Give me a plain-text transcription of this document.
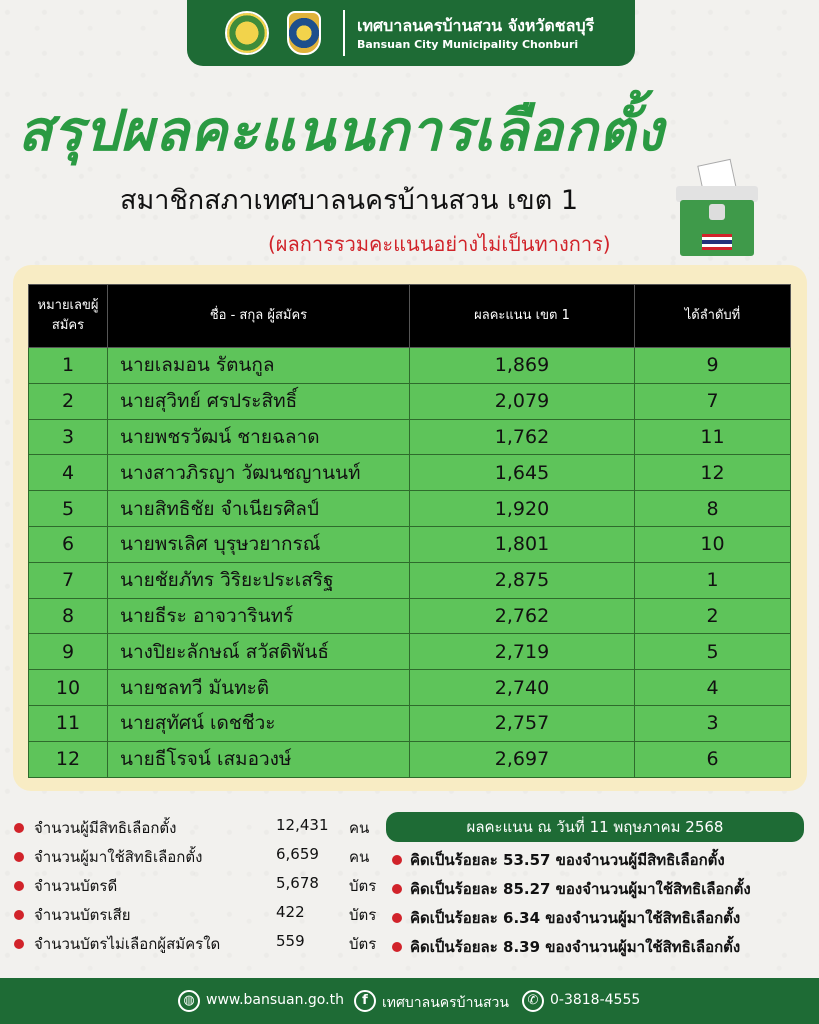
เทศบาลนครบ้านสวน จังหวัดชลบุรี
Bansuan City Municipality Chonburi
สรุปผลคะแนนการเลือกตั้ง
สมาชิกสภาเทศบาลนครบ้านสวน เขต 1
(ผลการรวมคะแนนอย่างไม่เป็นทางการ)
หมายเลขผู้สมัคร	ชื่อ - สกุล ผู้สมัคร	ผลคะแนน เขต 1	ได้ลำดับที่
1	นายเลมอน รัตนกูล	1,869	9
2	นายสุวิทย์ ศรประสิทธิ์	2,079	7
3	นายพชรวัฒน์ ชายฉลาด	1,762	11
4	นางสาวภิรญา วัฒนชญานนท์	1,645	12
5	นายสิทธิชัย จำเนียรศิลป์	1,920	8
6	นายพรเลิศ บุรุษวยากรณ์	1,801	10
7	นายชัยภัทร วิริยะประเสริฐ	2,875	1
8	นายธีระ อาจวารินทร์	2,762	2
9	นางปิยะลักษณ์ สวัสดิพันธ์	2,719	5
10	นายชลทวี มันทะติ	2,740	4
11	นายสุทัศน์ เดชชีวะ	2,757	3
12	นายธีโรจน์ เสมอวงษ์	2,697	6
จำนวนผู้มีสิทธิเลือกตั้ง	12,431 คน
จำนวนผู้มาใช้สิทธิเลือกตั้ง	6,659 คน
จำนวนบัตรดี	5,678 บัตร
จำนวนบัตรเสีย	422	บัตร
จำนวนบัตรไม่เลือกผู้สมัครใด	559	บัตร
ผลคะแนน ณ วันที่ 11 พฤษภาคม 2568
คิดเป็นร้อยละ 53.57 ของจำนวนผู้มีสิทธิเลือกตั้ง
คิดเป็นร้อยละ 85.27 ของจำนวนผู้มาใช้สิทธิเลือกตั้ง
คิดเป็นร้อยละ 6.34 ของจำนวนผู้มาใช้สิทธิเลือกตั้ง
คิดเป็นร้อยละ 8.39 ของจำนวนผู้มาใช้สิทธิเลือกตั้ง
◍ www.bansuan.go.th	f	เทศบาลนครบ้านสวน	✆ 0-3818-4555
